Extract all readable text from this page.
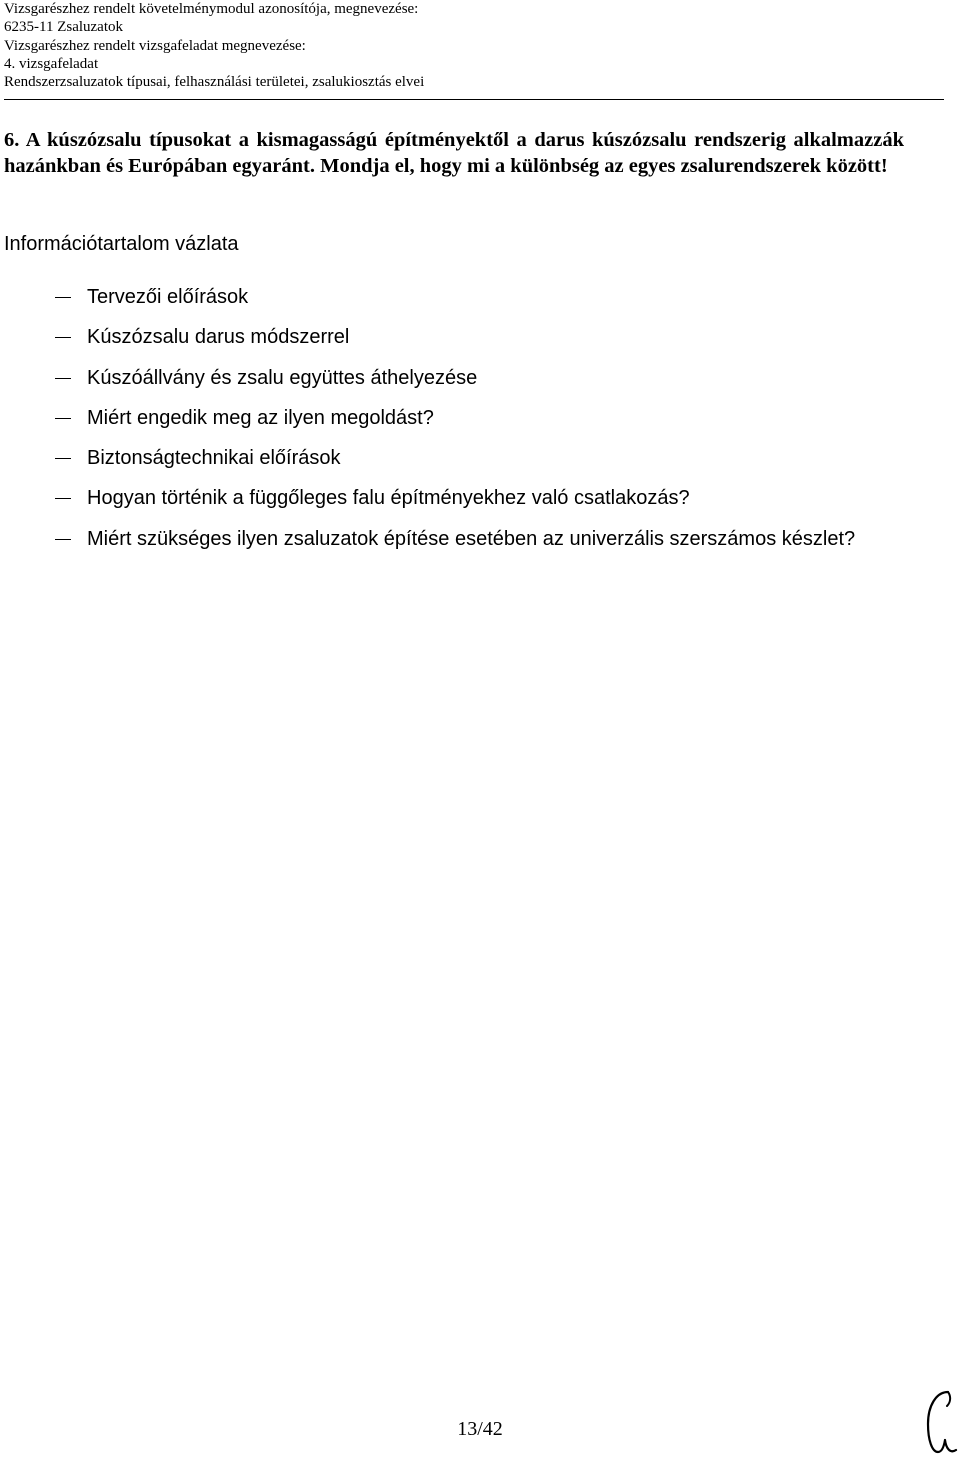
Vizsgarészhez rendelt követelménymodul azonosítója, megnevezése:
6235-11 Zsaluzatok
Vizsgarészhez rendelt vizsgafeladat megnevezése:
4. vizsgafeladat
Rendszerzsaluzatok típusai, felhasználási területei, zsalukiosztás elvei
6. A kúszózsalu típusokat a kismagasságú építményektől a darus kúszózsalu rendszerig alkalmazzák hazánkban és Európában egyaránt. Mondja el, hogy mi a különbség az egyes zsalurendszerek között!
Információtartalom vázlata
Tervezői előírások
Kúszózsalu darus módszerrel
Kúszóállvány és zsalu együttes áthelyezése
Miért engedik meg az ilyen megoldást?
Biztonságtechnikai előírások
Hogyan történik a függőleges falu építményekhez való csatlakozás?
Miért szükséges ilyen zsaluzatok építése esetében az univerzális szerszámos készlet?
13/42
